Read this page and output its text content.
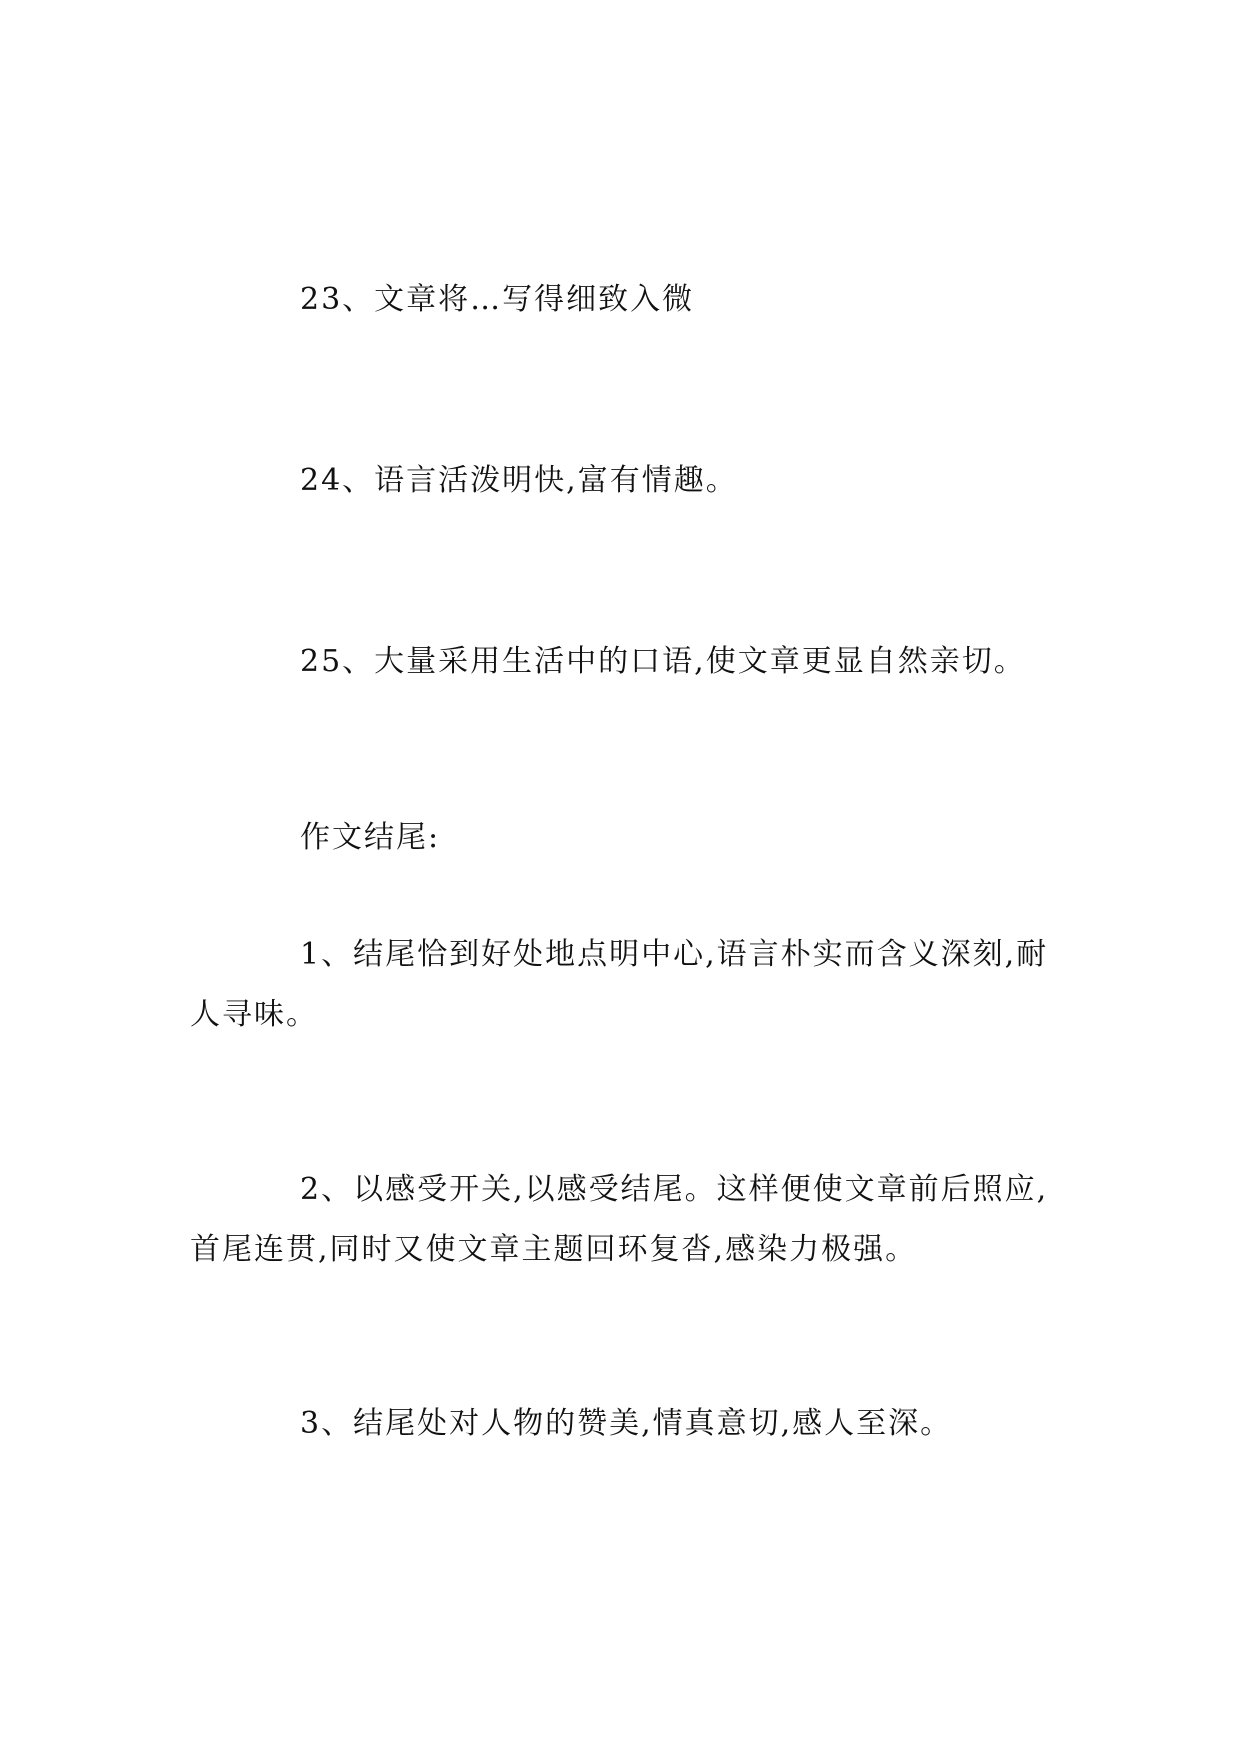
23、文章将…写得细致入微

24、语言活泼明快,富有情趣。

25、大量采用生活中的口语,使文章更显自然亲切。

作文结尾:

1、结尾恰到好处地点明中心,语言朴实而含义深刻,耐人寻味。

2、以感受开关,以感受结尾。这样便使文章前后照应,首尾连贯,同时又使文章主题回环复沓,感染力极强。

3、结尾处对人物的赞美,情真意切,感人至深。
